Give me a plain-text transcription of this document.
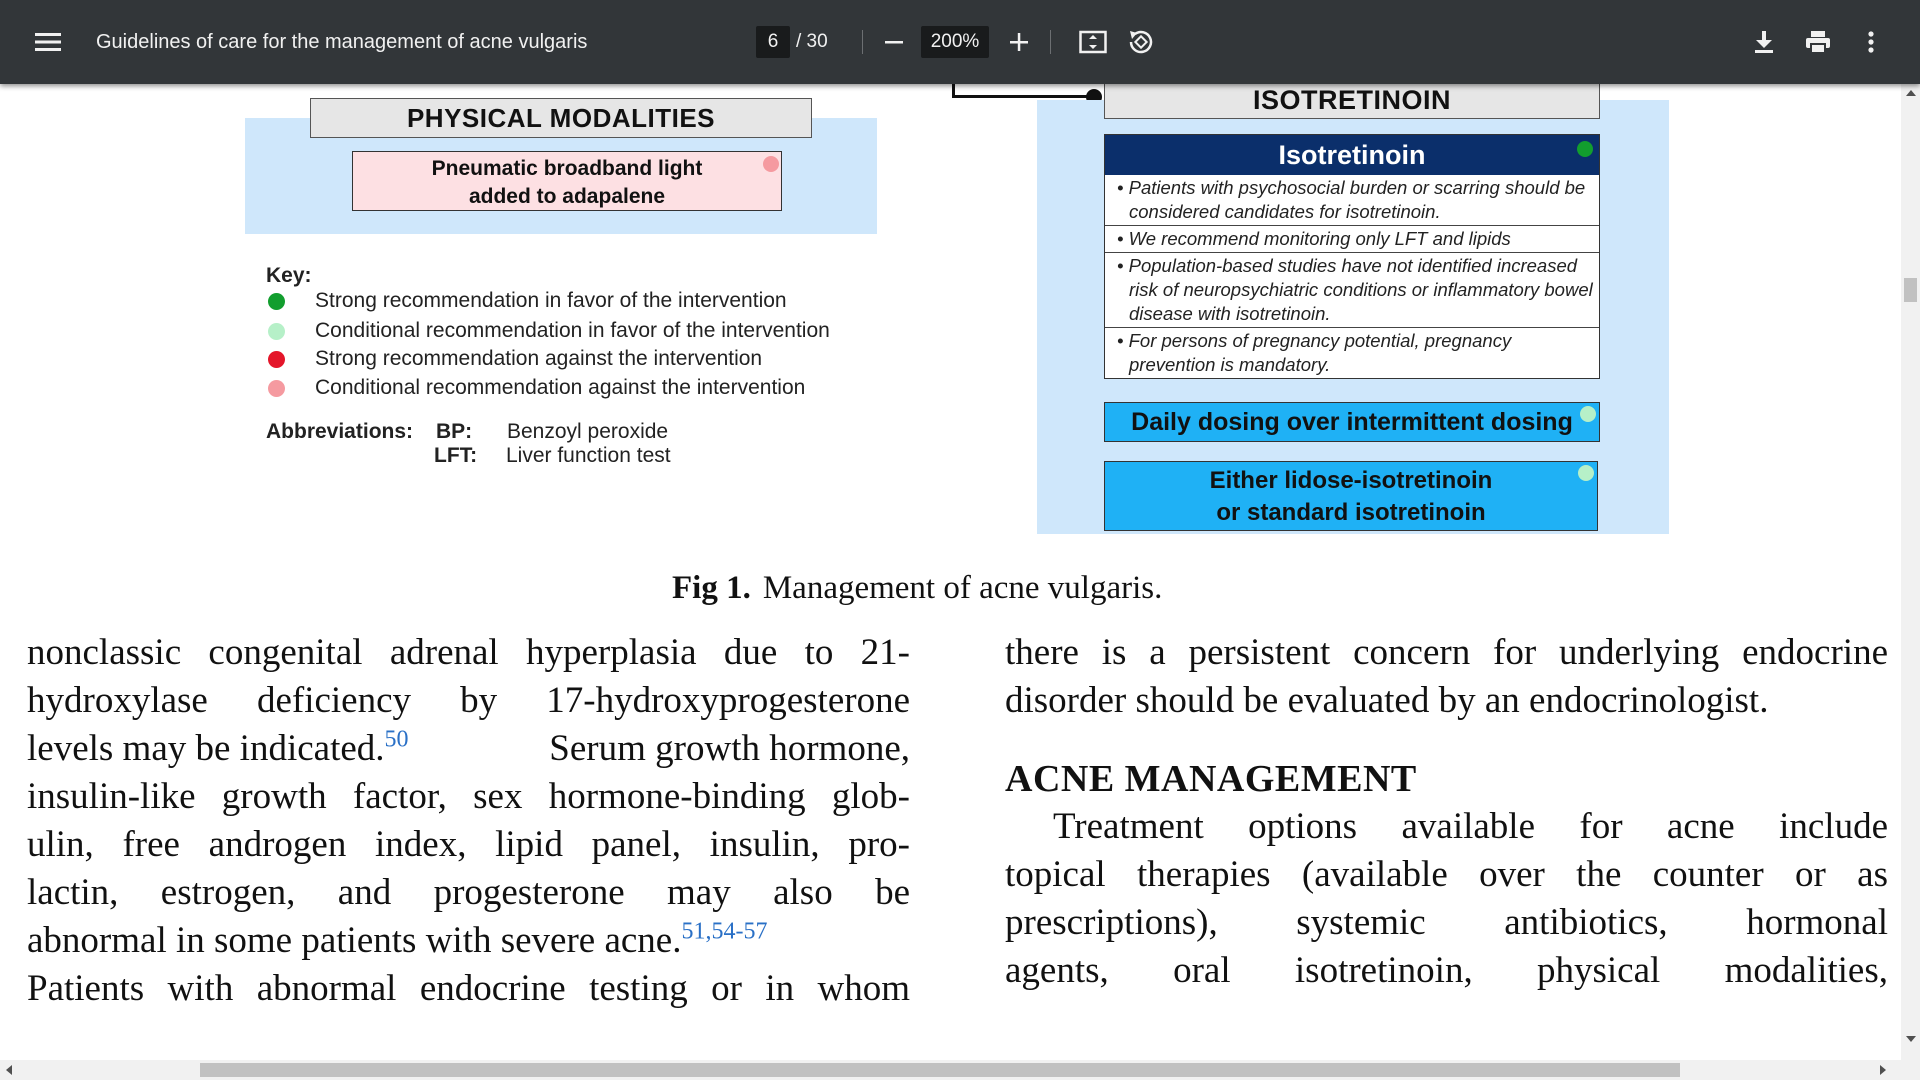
Guidelines of care for the management of acne vulgaris	6 / 30	200%
PHYSICAL MODALITIES
Pneumatic broadband light
added to adapalene
Key:
Strong recommendation in favor of the intervention
Conditional recommendation in favor of the intervention
Strong recommendation against the intervention
Conditional recommendation against the intervention
Abbreviations: BP: Benzoyl peroxide
LFT: Liver function test
ISOTRETINOIN
Isotretinoin
• Patients with psychosocial burden or scarring should be considered candidates for isotretinoin.
• We recommend monitoring only LFT and lipids
• Population-based studies have not identified increased risk of neuropsychiatric conditions or inflammatory bowel disease with isotretinoin.
• For persons of pregnancy potential, pregnancy prevention is mandatory.
Daily dosing over intermittent dosing
Either lidose-isotretinoin
or standard isotretinoin
Fig 1. Management of acne vulgaris.
nonclassic congenital adrenal hyperplasia due to 21-
hydroxylase deficiency by 17-hydroxyprogesterone
levels may be indicated.$^{50}$	Serum growth hormone,
insulin-like growth factor, sex hormone-binding glob-
ulin, free androgen index, lipid panel, insulin, pro-
lactin, estrogen, and progesterone may also be
abnormal in some patients with severe acne.$^{51,54-57}$
Patients with abnormal endocrine testing or in whom
there is a persistent concern for underlying endocrine
disorder should be evaluated by an endocrinologist.
ACNE MANAGEMENT
Treatment options available for acne include
topical therapies (available over the counter or as
prescriptions), systemic antibiotics, hormonal
agents, oral isotretinoin, physical modalities,
